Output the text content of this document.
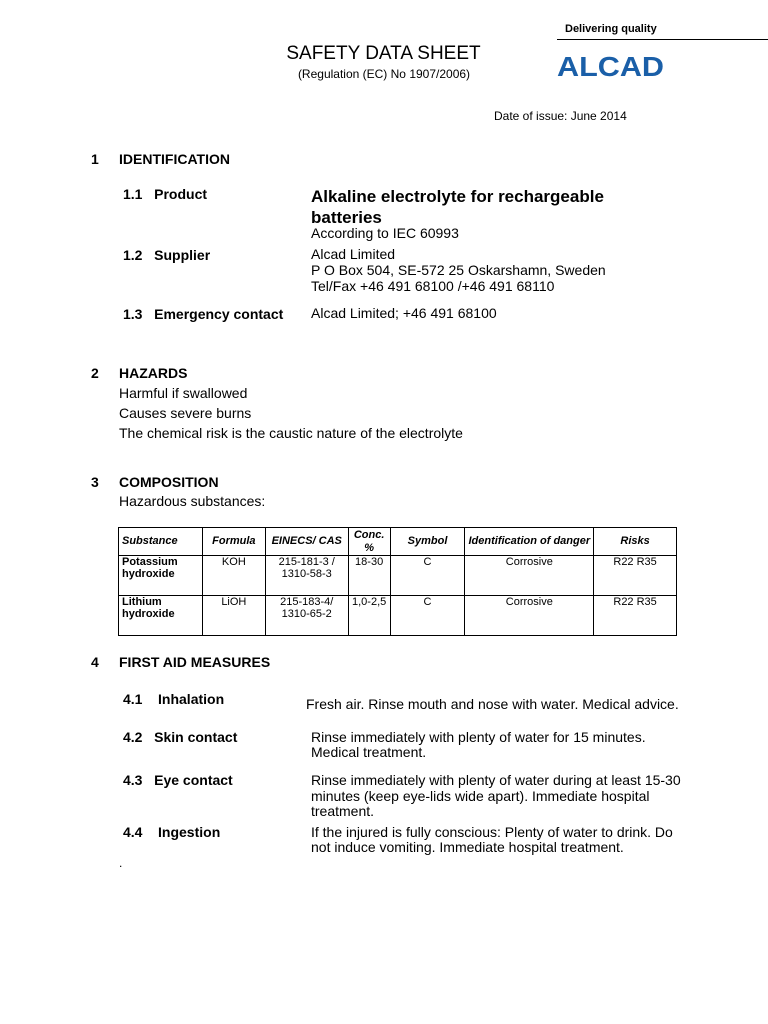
Delivering quality
ALCAD
SAFETY DATA SHEET
(Regulation (EC) No 1907/2006)
Date of issue: June 2014
1 IDENTIFICATION
1.1   Product	Alkaline electrolyte for rechargeable batteries
According to IEC 60993
1.2   Supplier	Alcad Limited
P O Box 504, SE-572 25 Oskarshamn, Sweden
Tel/Fax +46 491 68100 /+46 491 68110
1.3   Emergency contact Alcad Limited; +46 491 68100
2 HAZARDS
Harmful if swallowed
Causes severe burns
The chemical risk is the caustic nature of the electrolyte
3 COMPOSITION
Hazardous substances:
Substance	Formula	EINECS/ CAS	Conc. %	Symbol	Identification of danger	Risks
Potassium hydroxide	KOH	215-181-3 / 1310-58-3	18-30	C	Corrosive	R22 R35
Lithium hydroxide	LiOH	215-183-4/ 1310-65-2	1,0-2,5	C	Corrosive	R22 R35
4 FIRST AID MEASURES
4.1    Inhalation	Fresh air. Rinse mouth and nose with water. Medical advice.
4.2   Skin contact	Rinse immediately with plenty of water for 15 minutes.
Medical treatment.
4.3   Eye contact	Rinse immediately with plenty of water during at least 15-30
minutes (keep eye-lids wide apart). Immediate hospital
treatment.
4.4    Ingestion	If the injured is fully conscious: Plenty of water to drink. Do
not induce vomiting. Immediate hospital treatment.
.
